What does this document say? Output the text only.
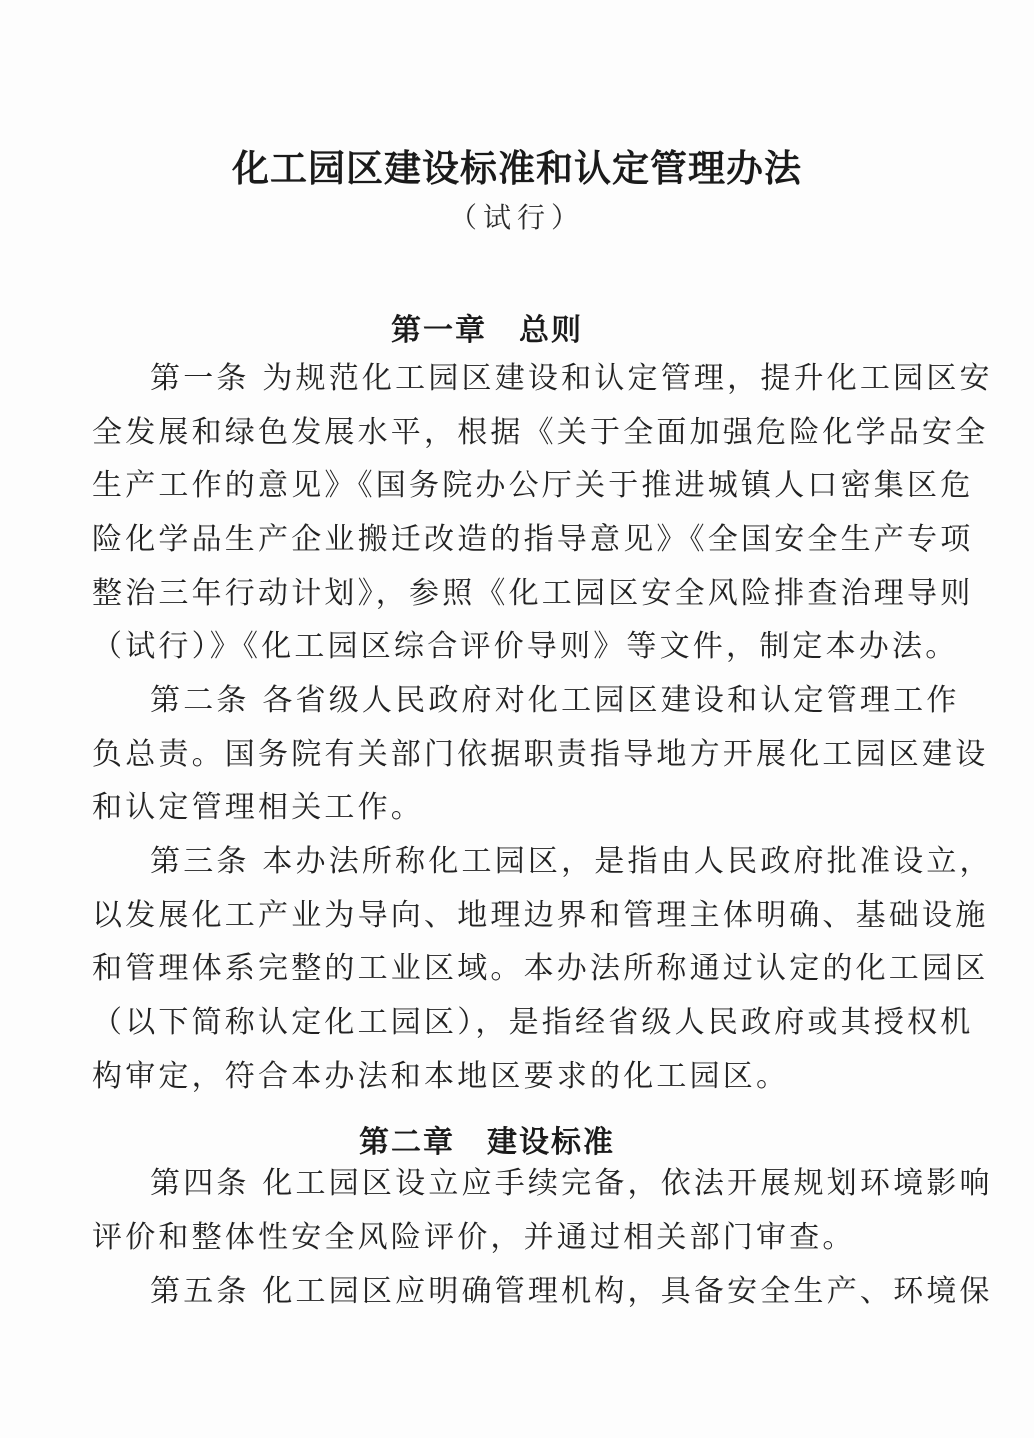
化工园区建设标准和认定管理办法
（试行）
第一章　总则
第一条 为规范化工园区建设和认定管理，提升化工园区安
全发展和绿色发展水平，根据《关于全面加强危险化学品安全
生产工作的意见》《国务院办公厅关于推进城镇人口密集区危
险化学品生产企业搬迁改造的指导意见》《全国安全生产专项
整治三年行动计划》，参照《化工园区安全风险排查治理导则
（试行）》《化工园区综合评价导则》等文件，制定本办法。
第二条 各省级人民政府对化工园区建设和认定管理工作
负总责。国务院有关部门依据职责指导地方开展化工园区建设
和认定管理相关工作。
第三条 本办法所称化工园区，是指由人民政府批准设立，
以发展化工产业为导向、地理边界和管理主体明确、基础设施
和管理体系完整的工业区域。本办法所称通过认定的化工园区
（以下简称认定化工园区），是指经省级人民政府或其授权机
构审定，符合本办法和本地区要求的化工园区。
第二章　建设标准
第四条 化工园区设立应手续完备，依法开展规划环境影响
评价和整体性安全风险评价，并通过相关部门审查。
第五条 化工园区应明确管理机构，具备安全生产、环境保
